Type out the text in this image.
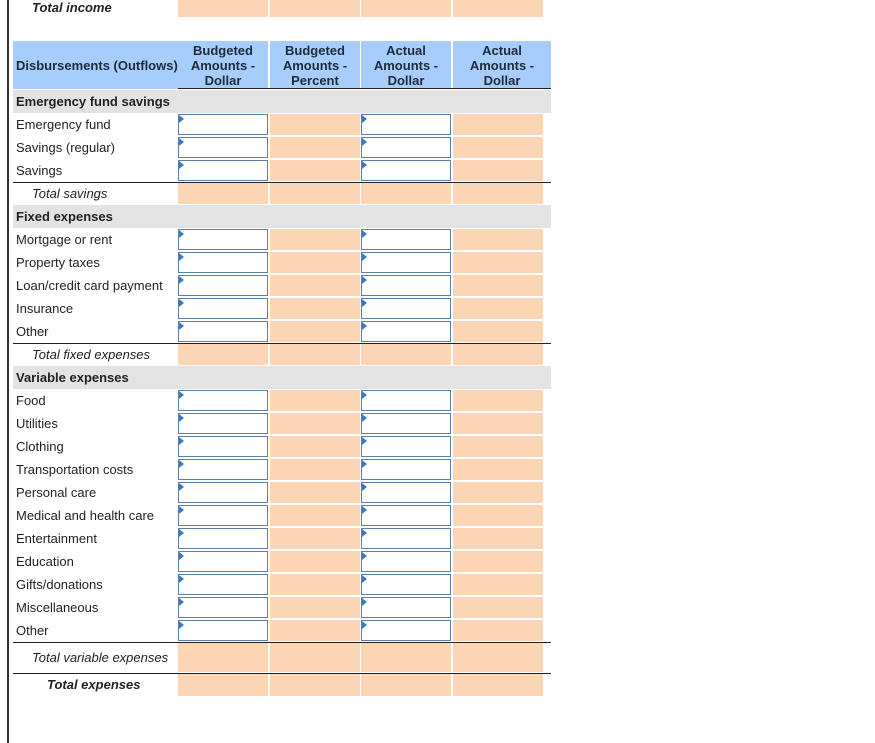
Total income
Disbursements (Outflows)
Budgeted Amounts - Dollar
Budgeted Amounts - Percent
Actual Amounts - Dollar
Actual Amounts - Dollar
Emergency fund savings
Emergency fund
Savings (regular)
Savings
Total savings
Fixed expenses
Mortgage or rent
Property taxes
Loan/credit card payment
Insurance
Other
Total fixed expenses
Variable expenses
Food
Utilities
Clothing
Transportation costs
Personal care
Medical and health care
Entertainment
Education
Gifts/donations
Miscellaneous
Other
Total variable expenses
Total expenses
